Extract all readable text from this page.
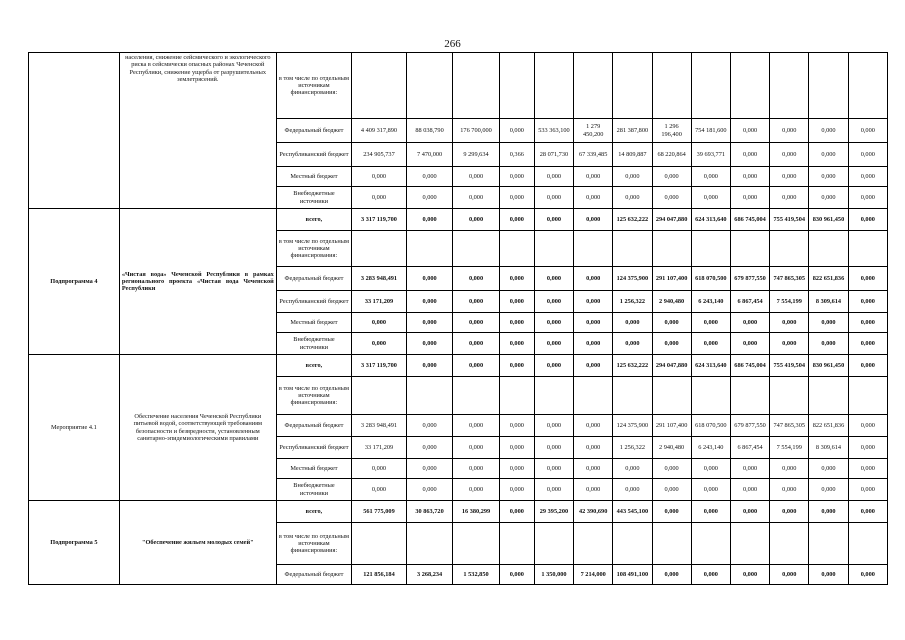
266
	населения, снижение сейсмического и экологического риска в сейсмически опасных районах Чеченской Республики, снижение ущерба от разрушительных землетрясений.	в том числе по отдельным источникам финансирования:													
		Федеральный бюджет	4 409 317,890	88 038,790	176 700,000	0,000	533 363,100	1 279 450,200	281 387,800	1 296 196,400	754 181,600	0,000	0,000	0,000	0,000
		Республиканский бюджет	234 905,737	7 470,000	9 299,634	0,366	28 071,730	67 339,485	14 809,887	68 220,864	39 693,771	0,000	0,000	0,000	0,000
		Местный бюджет	0,000	0,000	0,000	0,000	0,000	0,000	0,000	0,000	0,000	0,000	0,000	0,000	0,000
		Внебюджетные источники	0,000	0,000	0,000	0,000	0,000	0,000	0,000	0,000	0,000	0,000	0,000	0,000	0,000
Подпрограмма 4	«Чистая вода» Чеченской Республики в рамках регионального проекта «Чистая вода Чеченской Республики	всего,	3 317 119,700	0,000	0,000	0,000	0,000	0,000	125 632,222	294 047,880	624 313,640	686 745,004	755 419,504	830 961,450	0,000
		в том числе по отдельным источникам финансирования:													
		Федеральный бюджет	3 283 948,491	0,000	0,000	0,000	0,000	0,000	124 375,900	291 107,400	618 070,500	679 877,550	747 865,305	822 651,836	0,000
		Республиканский бюджет	33 171,209	0,000	0,000	0,000	0,000	0,000	1 256,322	2 940,480	6 243,140	6 867,454	7 554,199	8 309,614	0,000
		Местный бюджет	0,000	0,000	0,000	0,000	0,000	0,000	0,000	0,000	0,000	0,000	0,000	0,000	0,000
		Внебюджетные источники	0,000	0,000	0,000	0,000	0,000	0,000	0,000	0,000	0,000	0,000	0,000	0,000	0,000
Мероприятие 4.1	Обеспечение населения Чеченской Республики питьевой водой, соответствующей требованиям безопасности и безвредности, установленным санитарно-эпидемиологическими правилами	всего,	3 317 119,700	0,000	0,000	0,000	0,000	0,000	125 632,222	294 047,880	624 313,640	686 745,004	755 419,504	830 961,450	0,000
		в том числе по отдельным источникам финансирования:													
		Федеральный бюджет	3 283 948,491	0,000	0,000	0,000	0,000	0,000	124 375,900	291 107,400	618 070,500	679 877,550	747 865,305	822 651,836	0,000
		Республиканский бюджет	33 171,209	0,000	0,000	0,000	0,000	0,000	1 256,322	2 940,480	6 243,140	6 867,454	7 554,199	8 309,614	0,000
		Местный бюджет	0,000	0,000	0,000	0,000	0,000	0,000	0,000	0,000	0,000	0,000	0,000	0,000	0,000
		Внебюджетные источники	0,000	0,000	0,000	0,000	0,000	0,000	0,000	0,000	0,000	0,000	0,000	0,000	0,000
Подпрограмма 5	"Обеспечение жильем молодых семей"	всего,	561 775,009	30 863,720	16 380,299	0,000	29 395,200	42 390,690	443 545,100	0,000	0,000	0,000	0,000	0,000	0,000
		в том числе по отдельным источникам финансирования:													
		Федеральный бюджет	121 856,184	3 268,234	1 532,850	0,000	1 350,000	7 214,000	108 491,100	0,000	0,000	0,000	0,000	0,000	0,000
